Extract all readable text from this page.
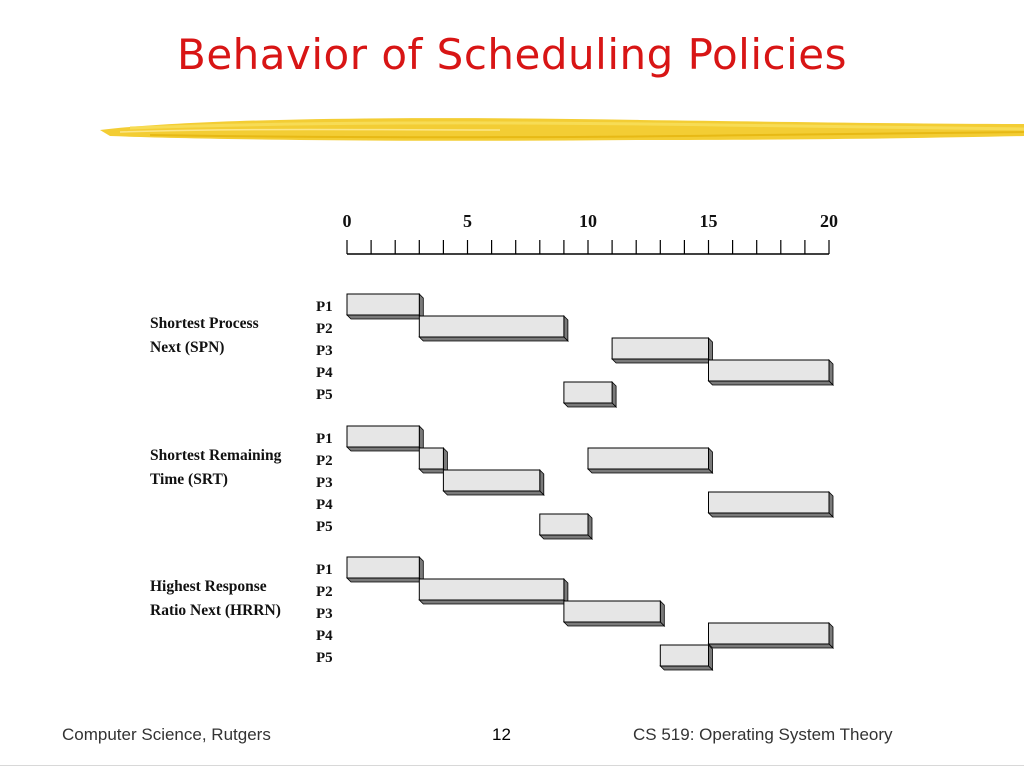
Behavior of Scheduling Policies
0	5	10	15	20
Shortest Process
Next (SPN)
P1
P2
P3
P4
P5
Shortest Remaining
Time (SRT)
P1
P2
P3
P4
P5
Highest Response
Ratio Next (HRRN)
P1
P2
P3
P4
P5
Computer Science, Rutgers	12	CS 519: Operating System Theory
